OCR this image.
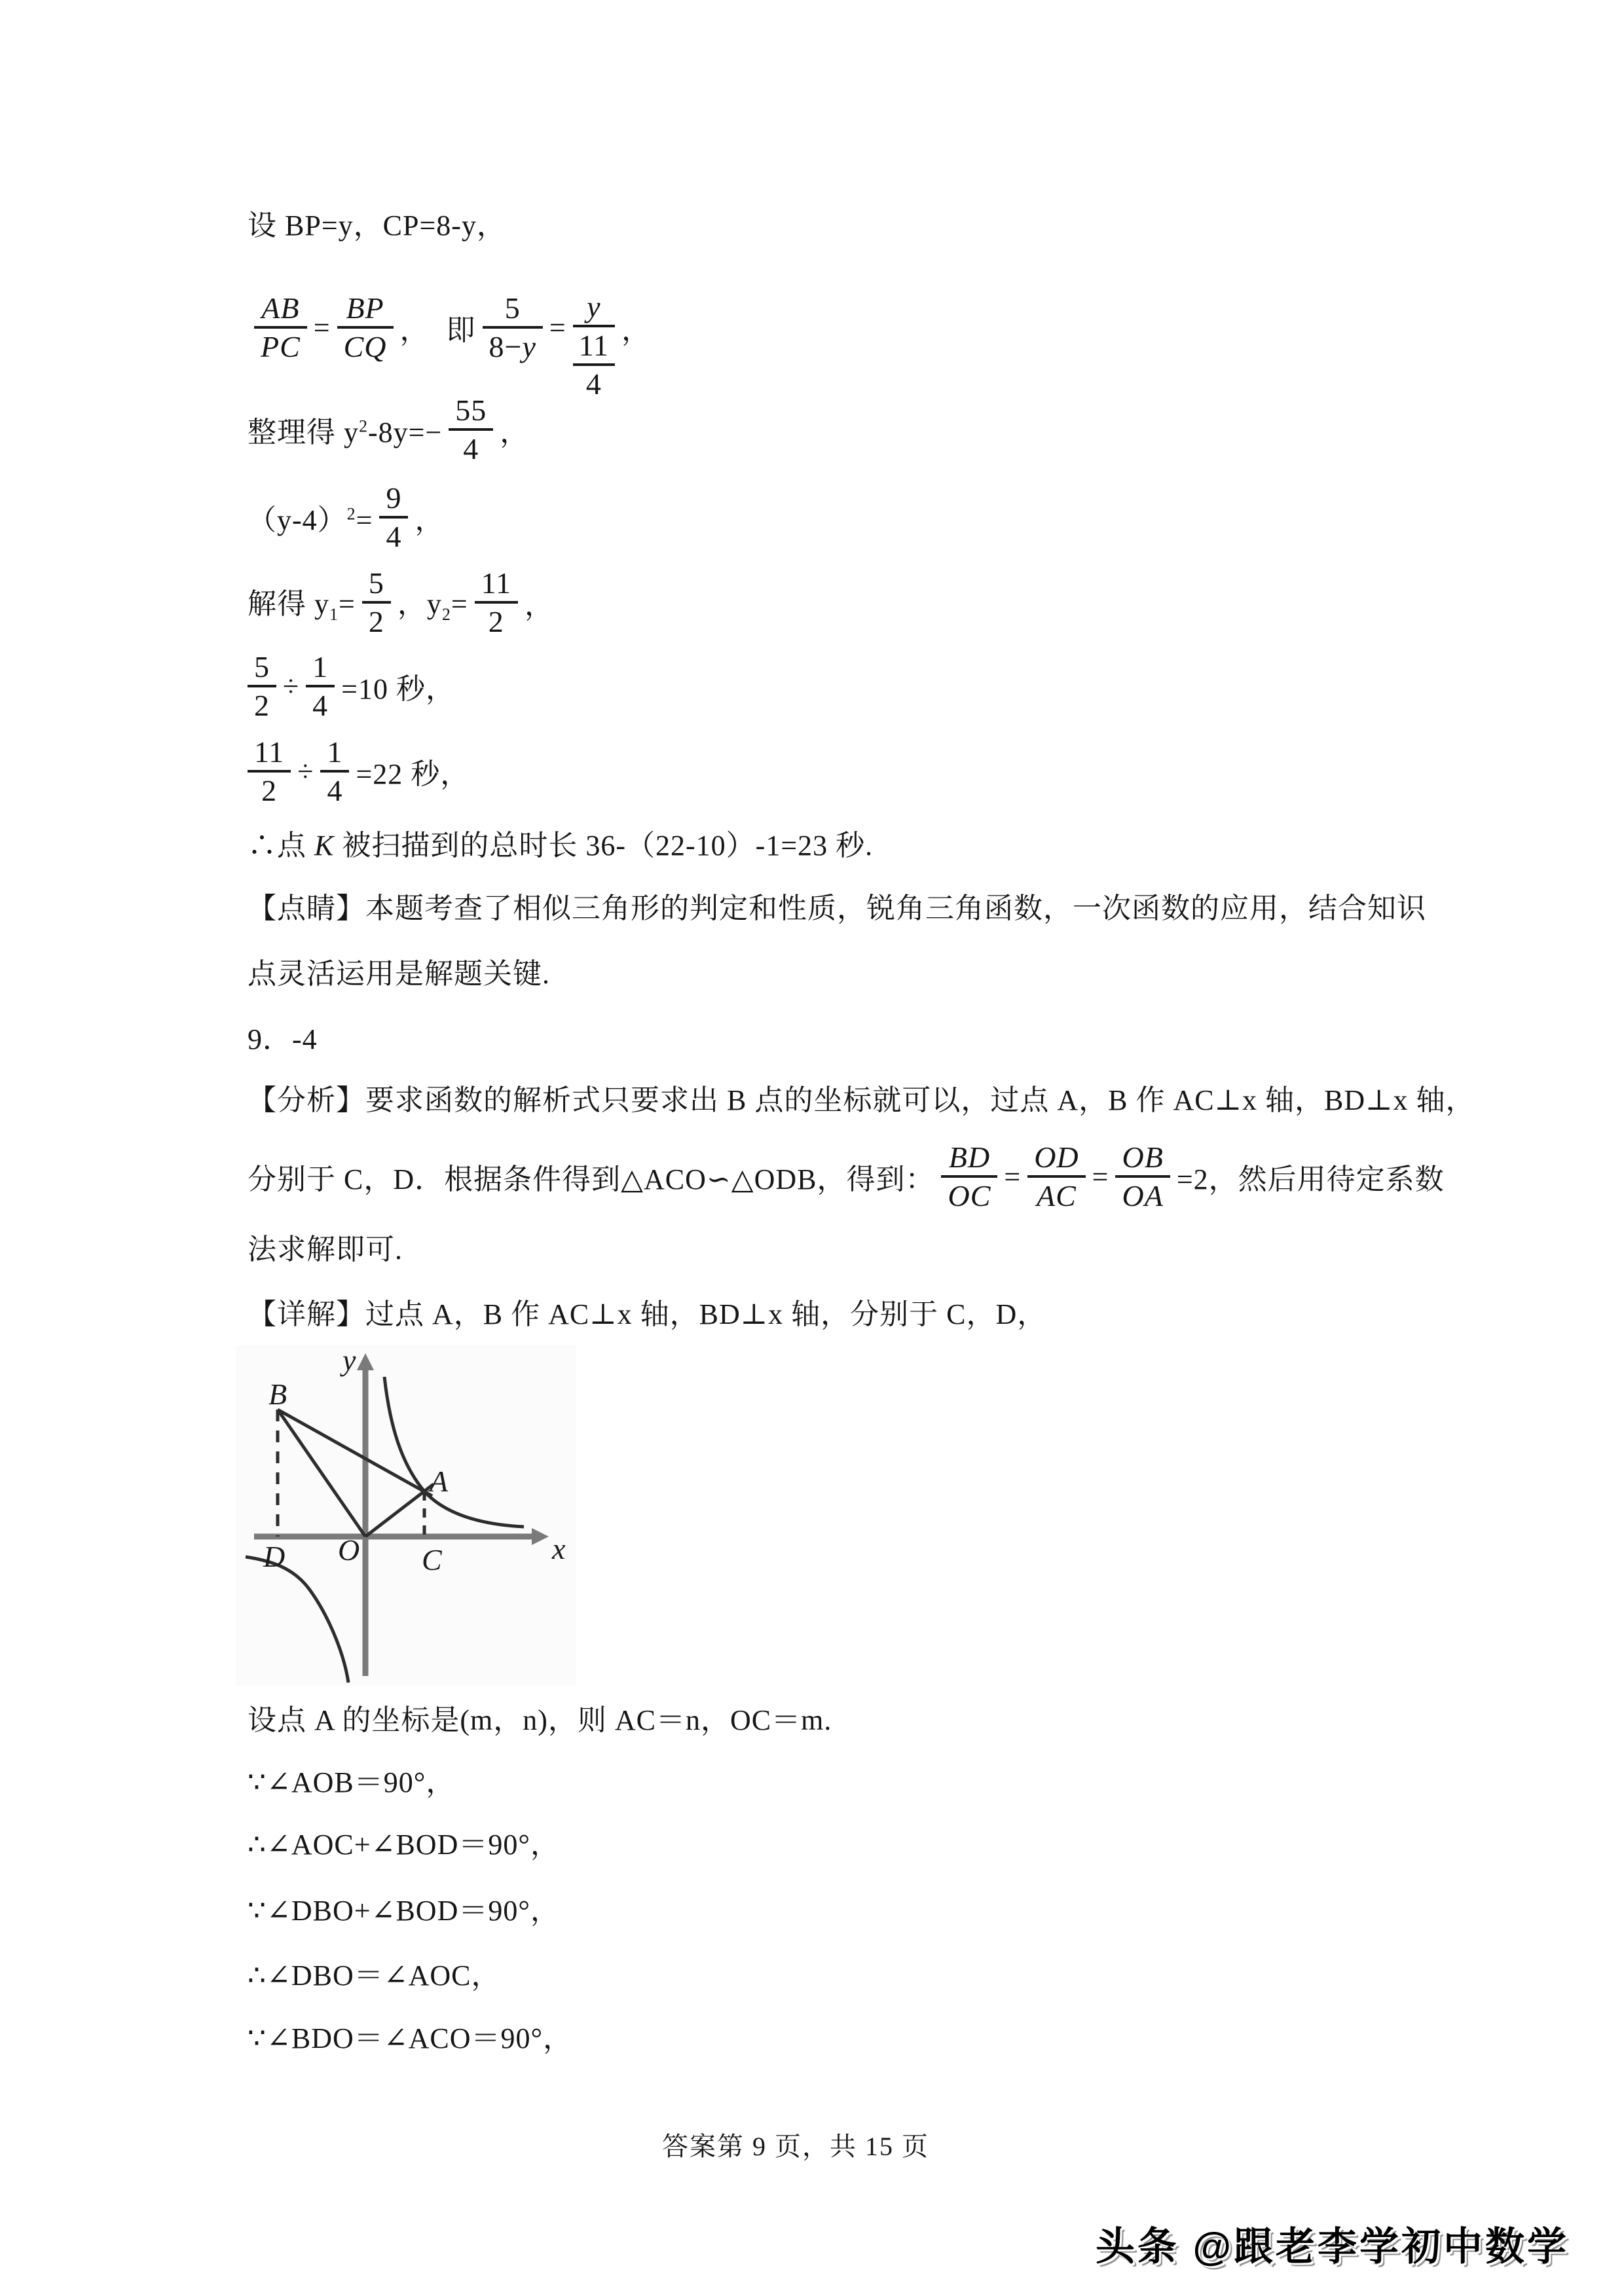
设 BP=y，CP=8-y，
$\frac{AB}{PC} = \frac{BP}{CQ}$ ， 即 $\frac{5}{8-y} = \frac{y}{\frac{11}{4}}$ ，
整理得 $y^2-8y=- \frac{55}{4}$ ，
$(y-4)^2= \frac{9}{4}$ ，
解得 $y_1= \frac{5}{2}$ ，$y_2= \frac{11}{2}$ ，
$\frac{5}{2} \div \frac{1}{4} =10$ 秒，
$\frac{11}{2} \div \frac{1}{4} =22$ 秒，
∴点 K 被扫描到的总时长 36-（22-10）-1=23 秒.
【点睛】本题考查了相似三角形的判定和性质，锐角三角函数，一次函数的应用，结合知识
点灵活运用是解题关键.
9．-4
【分析】要求函数的解析式只要求出 B 点的坐标就可以，过点 A，B 作 AC⊥x 轴，BD⊥x 轴，
分别于 C，D．根据条件得到△ACO∽△ODB，得到： $\frac{BD}{OC} = \frac{OD}{AC} = \frac{OB}{OA} =2$， 然后用待定系数
法求解即可.
【详解】过点 A，B 作 AC⊥x 轴，BD⊥x 轴，分别于 C，D，
y
x
B
A
D O C
设点 A 的坐标是(m，n)，则 AC＝n，OC＝m.
∵∠AOB＝90°，
∴∠AOC+∠BOD＝90°，
∵∠DBO+∠BOD＝90°，
∴∠DBO＝∠AOC，
∵∠BDO＝∠ACO＝90°，
答案第 9 页，共 15 页
头条 @跟老李学初中数学
